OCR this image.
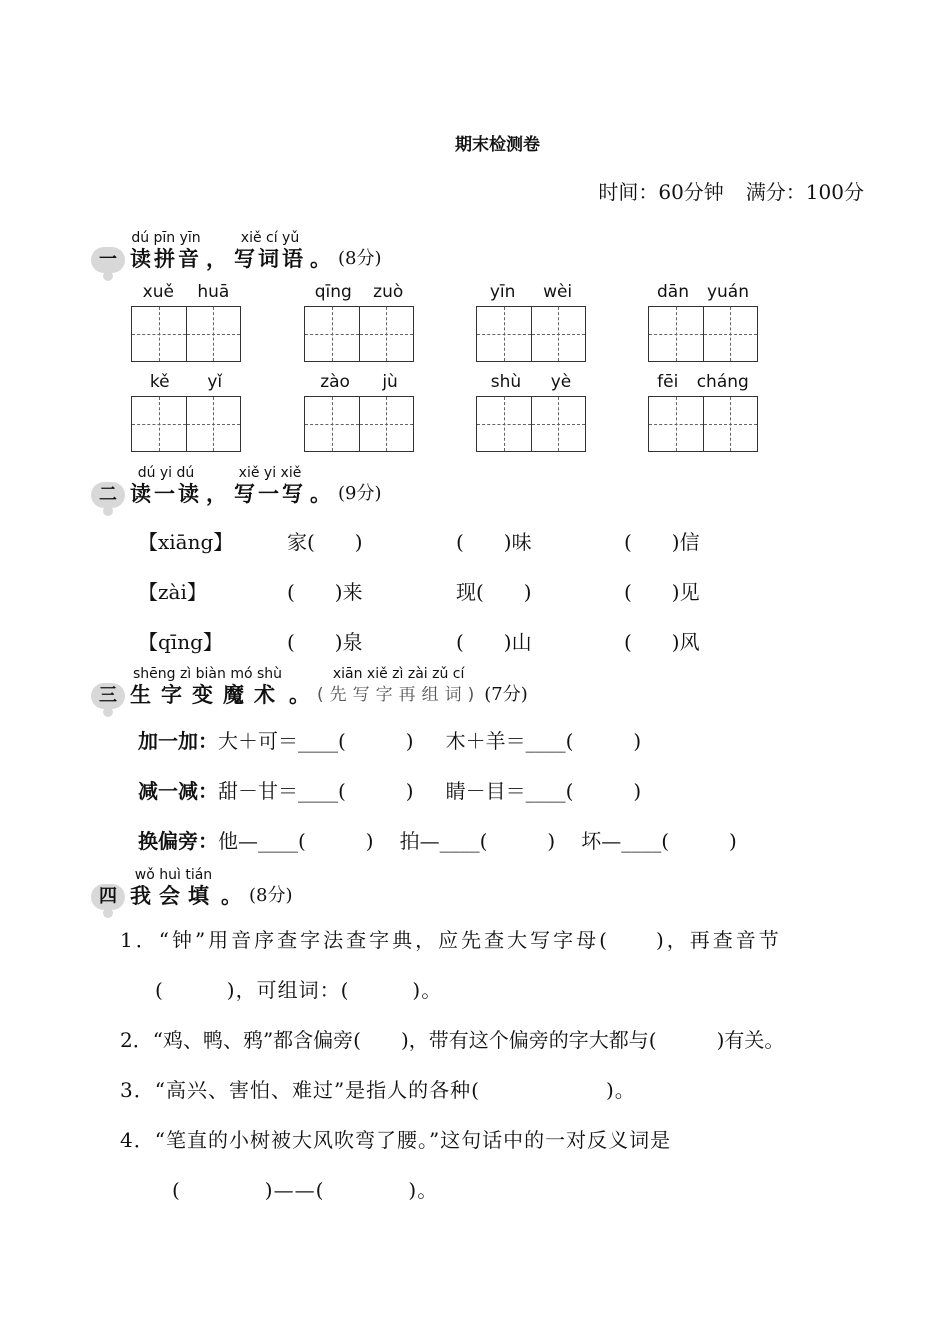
期末检测卷
时间：60分钟 满分：100分
一
dú pīn yīn
读拼音 ，
xiě cí yǔ
写词语 。 (8分)
xuě huā	qīng zuò	yīn wèi	dān yuán
kě yǐ	zào jù	shù yè	fēi cháng
二
dú yi dú
读一读 ，
xiě yi xiě
写一写 。 (9分)
【xiāng】	家(　　)	(　　)味	(　　)信
【zài】	(　　)来	现(　　)	(　　)见
【qīng】	(　　)泉	(　　)山	(　　)风
三
shēng zì biàn mó shù
生字变魔术 。
xiān xiě zì zài zǔ cí
(先写字再组词) (7分)
加一加：大＋可＝____(　　　) 木＋羊＝____(　　　)
减一减：甜－甘＝____(　　　) 睛－目＝____(　　　)
换偏旁：他—____(　　　) 拍—____(　　　) 坏—____(　　　)
四
wǒ huì tián
我会填 。 (8分)
1．“钟”用音序查字法查字典，应先查大写字母(　　)，再查音节
(　　　)，可组词：(　　　)。
2．“鸡、鸭、鸦”都含偏旁(　　)，带有这个偏旁的字大都与(　　　)有关。
3．“高兴、害怕、难过”是指人的各种(　　　　　　)。
4．“笔直的小树被大风吹弯了腰。”这句话中的一对反义词是
(　　　　)——(　　　　)。
